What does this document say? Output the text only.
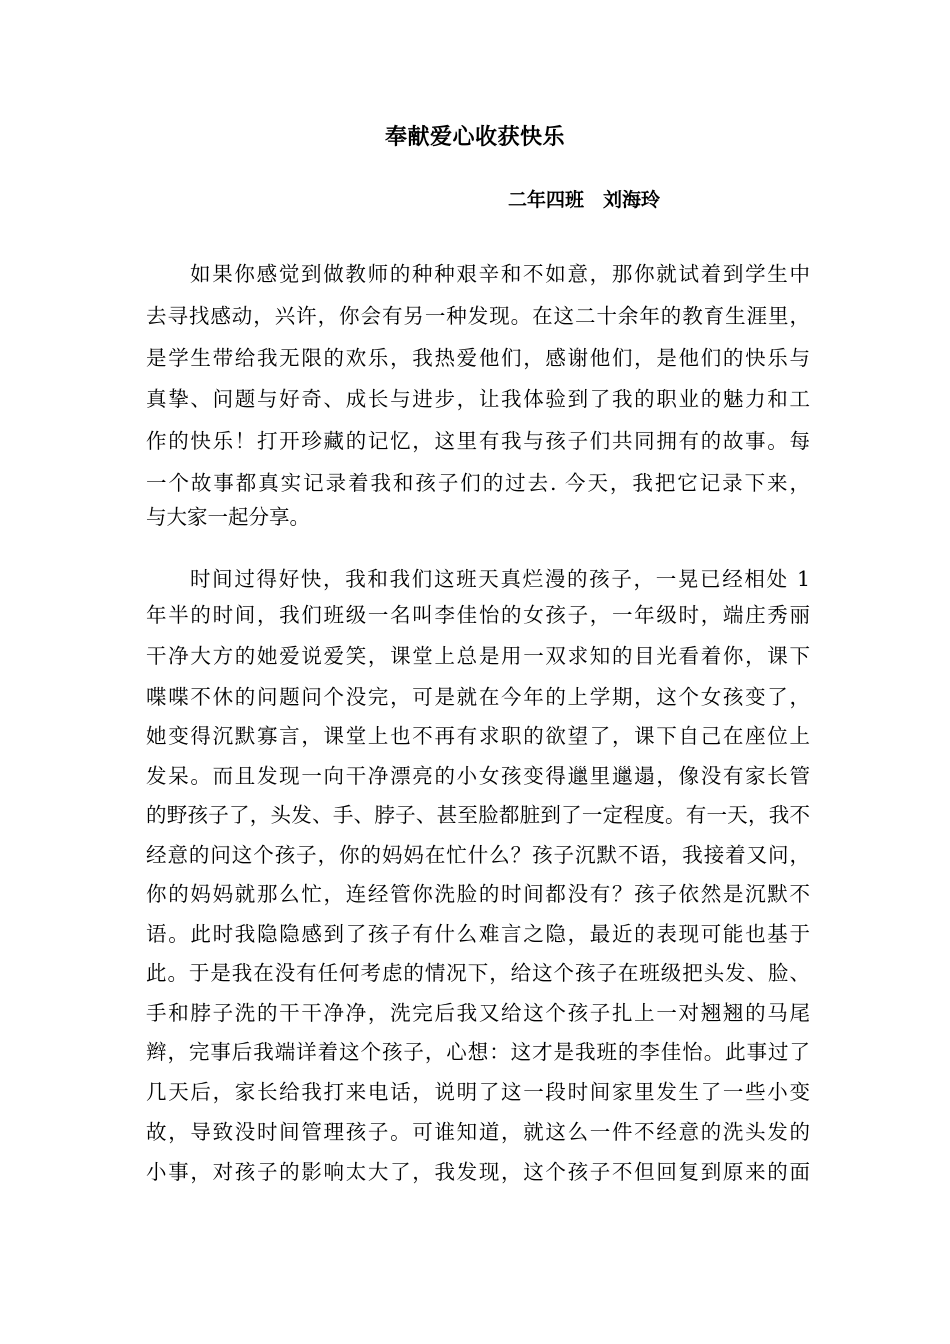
奉献爱心收获快乐
二年四班　刘海玲
如果你感觉到做教师的种种艰辛和不如意，那你就试着到学生中
去寻找感动，兴许，你会有另一种发现。在这二十余年的教育生涯里，
是学生带给我无限的欢乐，我热爱他们，感谢他们，是他们的快乐与
真挚、问题与好奇、成长与进步，让我体验到了我的职业的魅力和工
作的快乐！打开珍藏的记忆，这里有我与孩子们共同拥有的故事。每
一个故事都真实记录着我和孩子们的过去. 今天，我把它记录下来，
与大家一起分享。
时间过得好快，我和我们这班天真烂漫的孩子，一晃已经相处 1
年半的时间，我们班级一名叫李佳怡的女孩子，一年级时，端庄秀丽
干净大方的她爱说爱笑，课堂上总是用一双求知的目光看着你，课下
喋喋不休的问题问个没完，可是就在今年的上学期，这个女孩变了，
她变得沉默寡言，课堂上也不再有求职的欲望了，课下自己在座位上
发呆。而且发现一向干净漂亮的小女孩变得邋里邋遢，像没有家长管
的野孩子了，头发、手、脖子、甚至脸都脏到了一定程度。有一天，我不
经意的问这个孩子，你的妈妈在忙什么？孩子沉默不语，我接着又问，
你的妈妈就那么忙，连经管你洗脸的时间都没有？孩子依然是沉默不
语。此时我隐隐感到了孩子有什么难言之隐，最近的表现可能也基于
此。于是我在没有任何考虑的情况下，给这个孩子在班级把头发、脸、
手和脖子洗的干干净净，洗完后我又给这个孩子扎上一对翘翘的马尾
辫，完事后我端详着这个孩子，心想：这才是我班的李佳怡。此事过了
几天后，家长给我打来电话，说明了这一段时间家里发生了一些小变
故，导致没时间管理孩子。可谁知道，就这么一件不经意的洗头发的
小事，对孩子的影响太大了，我发现，这个孩子不但回复到原来的面
